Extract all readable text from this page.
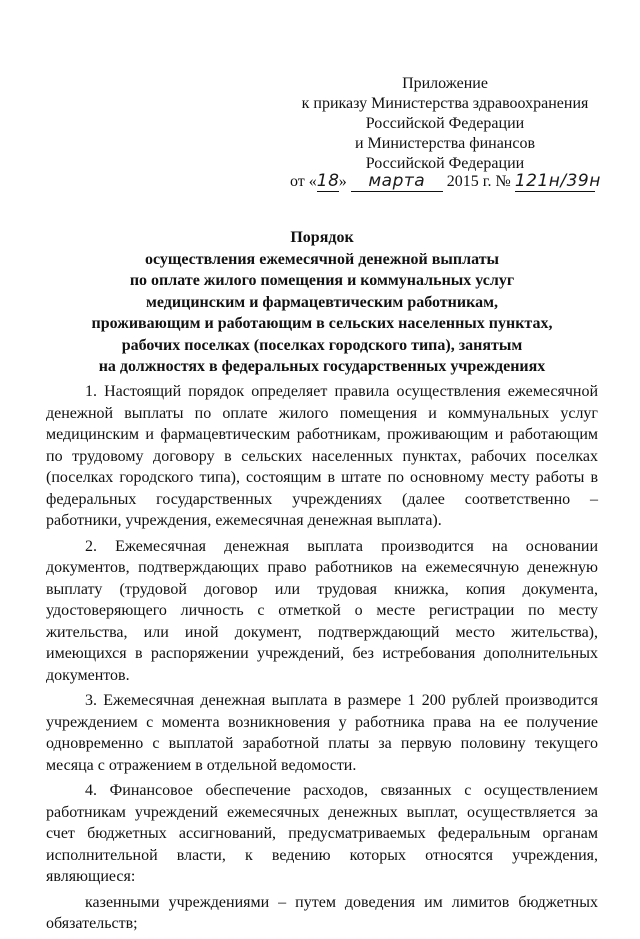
Приложение
к приказу Министерства здравоохранения
Российской Федерации
и Министерства финансов
Российской Федерации
от «18» марта 2015 г. № 121н/39н
Порядок
осуществления ежемесячной денежной выплаты
по оплате жилого помещения и коммунальных услуг
медицинским и фармацевтическим работникам,
проживающим и работающим в сельских населенных пунктах,
рабочих поселках (поселках городского типа), занятым
на должностях в федеральных государственных учреждениях

1. Настоящий порядок определяет правила осуществления ежемесячной денежной выплаты по оплате жилого помещения и коммунальных услуг медицинским и фармацевтическим работникам, проживающим и работающим по трудовому договору в сельских населенных пунктах, рабочих поселках (поселках городского типа), состоящим в штате по основному месту работы в федеральных государственных учреждениях (далее соответственно – работники, учреждения, ежемесячная денежная выплата).

2. Ежемесячная денежная выплата производится на основании документов, подтверждающих право работников на ежемесячную денежную выплату (трудовой договор или трудовая книжка, копия документа, удостоверяющего личность с отметкой о месте регистрации по месту жительства, или иной документ, подтверждающий место жительства), имеющихся в распоряжении учреждений, без истребования дополнительных документов.

3. Ежемесячная денежная выплата в размере 1 200 рублей производится учреждением с момента возникновения у работника права на ее получение одновременно с выплатой заработной платы за первую половину текущего месяца с отражением в отдельной ведомости.

4. Финансовое обеспечение расходов, связанных с осуществлением работникам учреждений ежемесячных денежных выплат, осуществляется за счет бюджетных ассигнований, предусматриваемых федеральным органам исполнительной власти, к ведению которых относятся учреждения, являющиеся:

казенными учреждениями – путем доведения им лимитов бюджетных обязательств;
